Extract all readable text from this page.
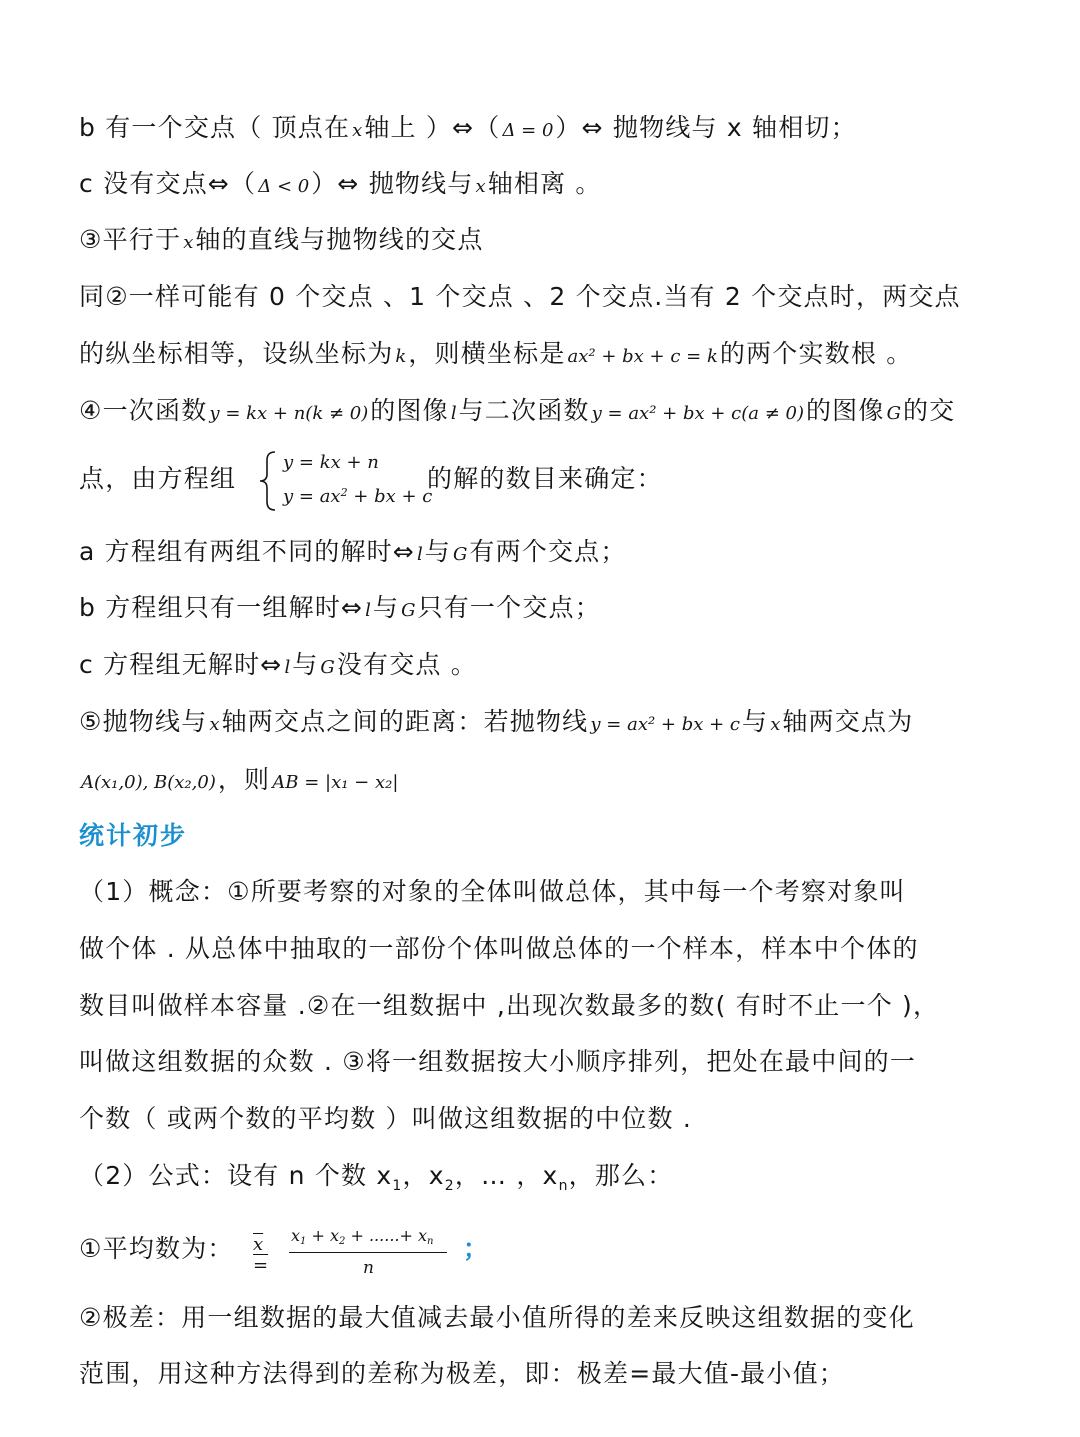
b 有一个交点（ 顶点在 x轴上 ）⇔（ Δ = 0）⇔ 抛物线与 x 轴相切；
c 没有交点⇔（ Δ < 0）⇔ 抛物线与 x轴相离 。
③平行于 x轴的直线与抛物线的交点
同②一样可能有 0 个交点 、1 个交点 、2 个交点.当有 2 个交点时，两交点
的纵坐标相等，设纵坐标为 k，则横坐标是 ax² + bx + c = k的两个实数根 。
④一次函数 y = kx + n(k ≠ 0)的图像 l与二次函数 y = ax² + bx + c(a ≠ 0)的图像 G的交
点，由方程组
y = kx + n
$y = ax^2$ + bx + c
的解的数目来确定：
a 方程组有两组不同的解时⇔ l与 G有两个交点；
b 方程组只有一组解时⇔ l与 G只有一个交点；
c 方程组无解时⇔ l与 G没有交点 。
⑤抛物线与 x轴两交点之间的距离：若抛物线 y = ax² + bx + c与 x轴两交点为
A(x₁,0), B(x₂,0)，则 AB = |x₁ − x₂|
统计初步
（1）概念：①所要考察的对象的全体叫做总体，其中每一个考察对象叫
做个体 . 从总体中抽取的一部份个体叫做总体的一个样本，样本中个体的
数目叫做样本容量 .②在一组数据中 ,出现次数最多的数( 有时不止一个 )，
叫做这组数据的众数 . ③将一组数据按大小顺序排列，把处在最中间的一
个数（ 或两个数的平均数 ）叫做这组数据的中位数 .
（2）公式：设有 n 个数 $x_1$，$x_2$，… ，$x_n$，那么：
①平均数为： x =
$x_1 + x_2$ + ......+ $x_n$
n
；
②极差：用一组数据的最大值减去最小值所得的差来反映这组数据的变化
范围，用这种方法得到的差称为极差，即：极差=最大值-最小值；
